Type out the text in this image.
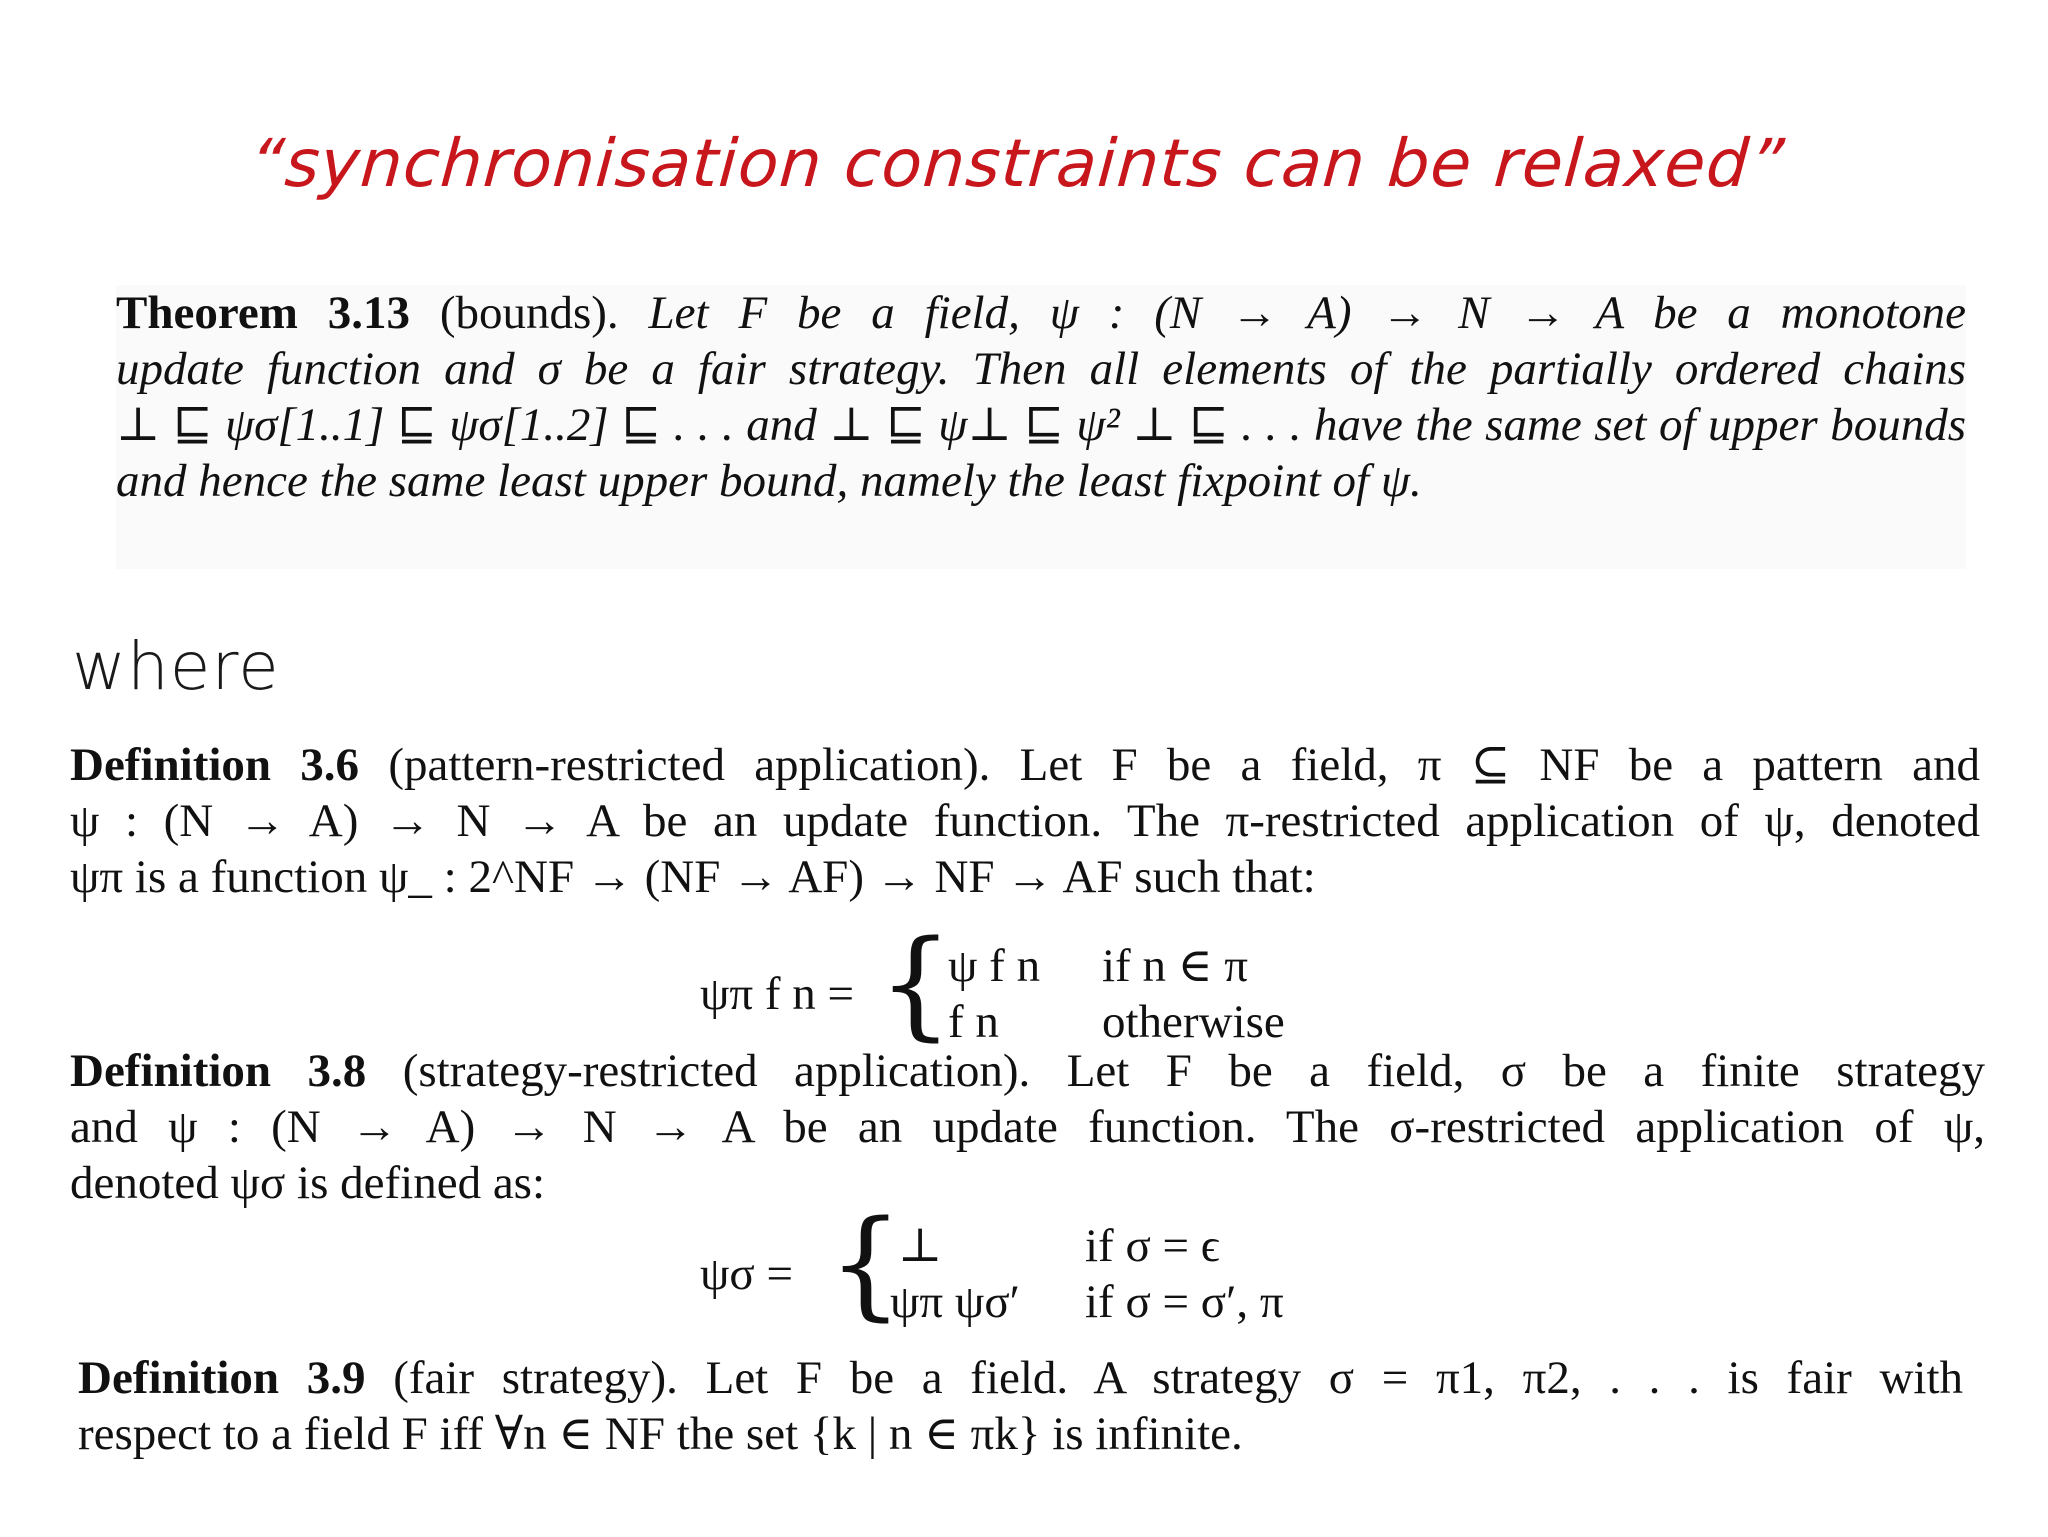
“synchronisation constraints can be relaxed”
Theorem 3.13 (bounds). Let F be a field, ψ : (N → A) → N → A be a monotone
update function and σ be a fair strategy. Then all elements of the partially ordered chains
⊥ ⊑ ψσ[1..1] ⊑ ψσ[1..2] ⊑ . . . and ⊥ ⊑ ψ⊥ ⊑ ψ² ⊥ ⊑ . . . have the same set of upper bounds
and hence the same least upper bound, namely the least fixpoint of ψ.
where
Definition 3.6 (pattern-restricted application). Let F be a field, π ⊆ NF be a pattern and
ψ : (N → A) → N → A be an update function. The π-restricted application of ψ, denoted
ψπ is a function ψ_ : 2^NF → (NF → AF) → NF → AF such that:
ψπ f n = {
ψ f n if n ∈ π
f n otherwise
Definition 3.8 (strategy-restricted application). Let F be a field, σ be a finite strategy
and ψ : (N → A) → N → A be an update function. The σ-restricted application of ψ,
denoted ψσ is defined as:
ψσ = {
⊥	if σ = ϵ
ψπ ψσ′ if σ = σ′, π
Definition 3.9 (fair strategy). Let F be a field. A strategy σ = π1, π2, . . . is fair with
respect to a field F iff ∀n ∈ NF the set {k | n ∈ πk} is infinite.
